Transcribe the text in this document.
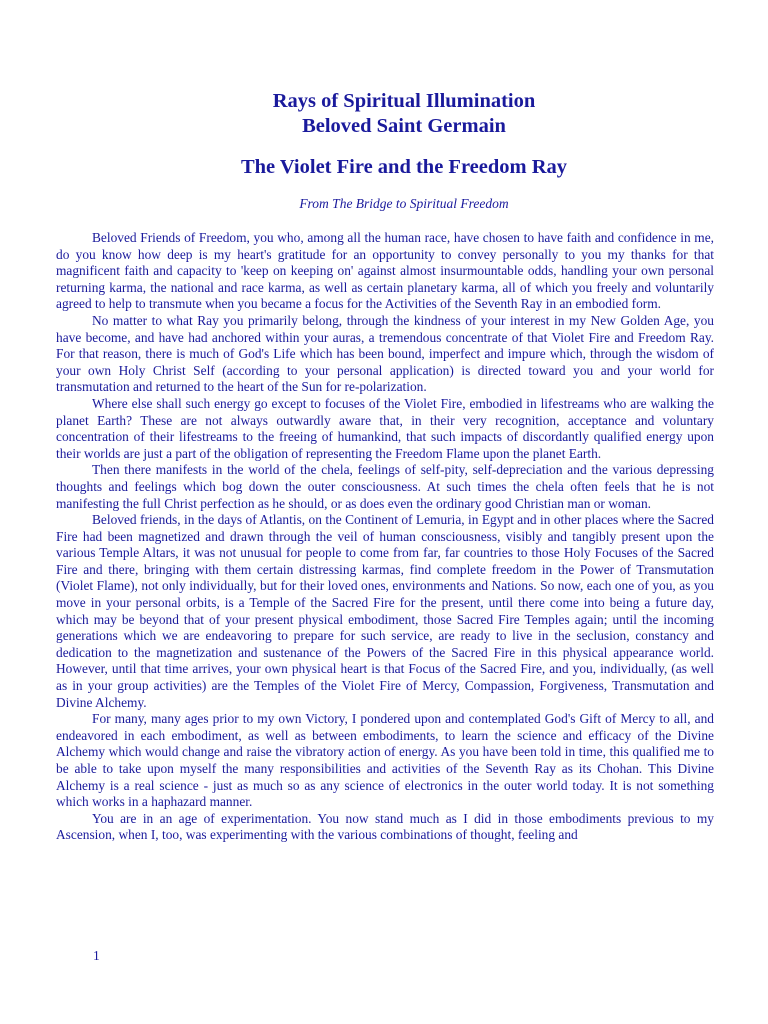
Rays of Spiritual Illumination
Beloved Saint Germain
The Violet Fire and the Freedom Ray

From The Bridge to Spiritual Freedom

Beloved Friends of Freedom, you who, among all the human race, have chosen to have faith and confidence in me, do you know how deep is my heart's gratitude for an opportunity to convey personally to you my thanks for that magnificent faith and capacity to 'keep on keeping on' against almost insurmountable odds, handling your own personal returning karma, the national and race karma, as well as certain planetary karma, all of which you freely and voluntarily agreed to help to transmute when you became a focus for the Activities of the Seventh Ray in an embodied form.

No matter to what Ray you primarily belong, through the kindness of your interest in my New Golden Age, you have become, and have had anchored within your auras, a tremendous concentrate of that Violet Fire and Freedom Ray. For that reason, there is much of God's Life which has been bound, imperfect and impure which, through the wisdom of your own Holy Christ Self (according to your personal application) is directed toward you and your world for transmutation and returned to the heart of the Sun for re-polarization.

Where else shall such energy go except to focuses of the Violet Fire, embodied in lifestreams who are walking the planet Earth? These are not always outwardly aware that, in their very recognition, acceptance and voluntary concentration of their lifestreams to the freeing of humankind, that such impacts of discordantly qualified energy upon their worlds are just a part of the obligation of representing the Freedom Flame upon the planet Earth.

Then there manifests in the world of the chela, feelings of self-pity, self-depreciation and the various depressing thoughts and feelings which bog down the outer consciousness. At such times the chela often feels that he is not manifesting the full Christ perfection as he should, or as does even the ordinary good Christian man or woman.

Beloved friends, in the days of Atlantis, on the Continent of Lemuria, in Egypt and in other places where the Sacred Fire had been magnetized and drawn through the veil of human consciousness, visibly and tangibly present upon the various Temple Altars, it was not unusual for people to come from far, far countries to those Holy Focuses of the Sacred Fire and there, bringing with them certain distressing karmas, find complete freedom in the Power of Transmutation (Violet Flame), not only individually, but for their loved ones, environments and Nations. So now, each one of you, as you move in your personal orbits, is a Temple of the Sacred Fire for the present, until there come into being a future day, which may be beyond that of your present physical embodiment, those Sacred Fire Temples again; until the incoming generations which we are endeavoring to prepare for such service, are ready to live in the seclusion, constancy and dedication to the magnetization and sustenance of the Powers of the Sacred Fire in this physical appearance world. However, until that time arrives, your own physical heart is that Focus of the Sacred Fire, and you, individually, (as well as in your group activities) are the Temples of the Violet Fire of Mercy, Compassion, Forgiveness, Transmutation and Divine Alchemy.

For many, many ages prior to my own Victory, I pondered upon and contemplated God's Gift of Mercy to all, and endeavored in each embodiment, as well as between embodiments, to learn the science and efficacy of the Divine Alchemy which would change and raise the vibratory action of energy. As you have been told in time, this qualified me to be able to take upon myself the many responsibilities and activities of the Seventh Ray as its Chohan. This Divine Alchemy is a real science - just as much so as any science of electronics in the outer world today. It is not something which works in a haphazard manner.

You are in an age of experimentation. You now stand much as I did in those embodiments previous to my Ascension, when I, too, was experimenting with the various combinations of thought, feeling and

1
